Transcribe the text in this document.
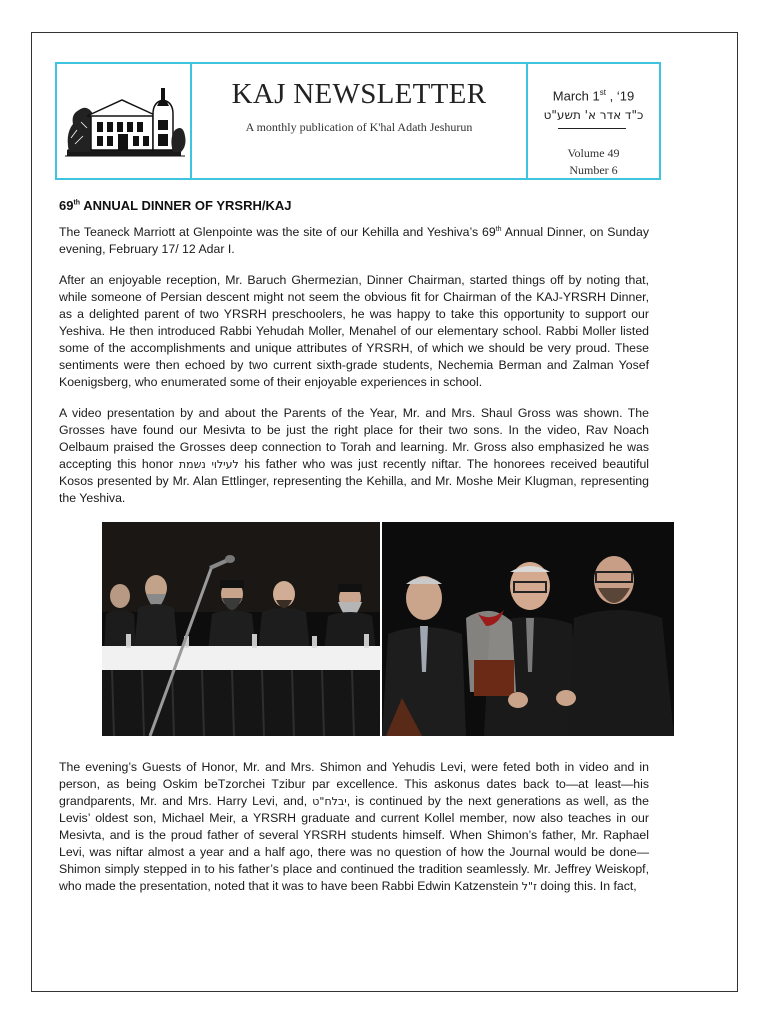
KAJ NEWSLETTER
A monthly publication of K'hal Adath Jeshurun
March 1st , ‘19
כ"ד אדר א' תשע"ט
Volume 49
Number 6
69th ANNUAL DINNER OF YRSRH/KAJ

The Teaneck Marriott at Glenpointe was the site of our Kehilla and Yeshiva’s 69th Annual Dinner, on Sunday evening, February 17/ 12 Adar I.

After an enjoyable reception, Mr. Baruch Ghermezian, Dinner Chairman, started things off by noting that, while someone of Persian descent might not seem the obvious fit for Chairman of the KAJ-YRSRH Dinner, as a delighted parent of two YRSRH preschoolers, he was happy to take this opportunity to support our Yeshiva. He then introduced Rabbi Yehudah Moller, Menahel of our elementary school. Rabbi Moller listed some of the accomplishments and unique attributes of YRSRH, of which we should be very proud. These sentiments were then echoed by two current sixth-grade students, Nechemia Berman and Zalman Yosef Koenigsberg, who enumerated some of their enjoyable experiences in school.

A video presentation by and about the Parents of the Year, Mr. and Mrs. Shaul Gross was shown. The Grosses have found our Mesivta to be just the right place for their two sons. In the video, Rav Noach Oelbaum praised the Grosses deep connection to Torah and learning. Mr. Gross also emphasized he was accepting this honor לעילוי נשמת his father who was just recently niftar. The honorees received beautiful Kosos presented by Mr. Alan Ettlinger, representing the Kehilla, and Mr. Moshe Meir Klugman, representing the Yeshiva.

The evening’s Guests of Honor, Mr. and Mrs. Shimon and Yehudis Levi, were feted both in video and in person, as being Oskim beTzorchei Tzibur par excellence. This askonus dates back to—at least—his grandparents, Mr. and Mrs. Harry Levi, and, יבלח"ט, is continued by the next generations as well, as the Levis’ oldest son, Michael Meir, a YRSRH graduate and current Kollel member, now also teaches in our Mesivta, and is the proud father of several YRSRH students himself. When Shimon’s father, Mr. Raphael Levi, was niftar almost a year and a half ago, there was no question of how the Journal would be done—Shimon simply stepped in to his father’s place and continued the tradition seamlessly. Mr. Jeffrey Weiskopf, who made the presentation, noted that it was to have been Rabbi Edwin Katzenstein ז"ל doing this. In fact,
